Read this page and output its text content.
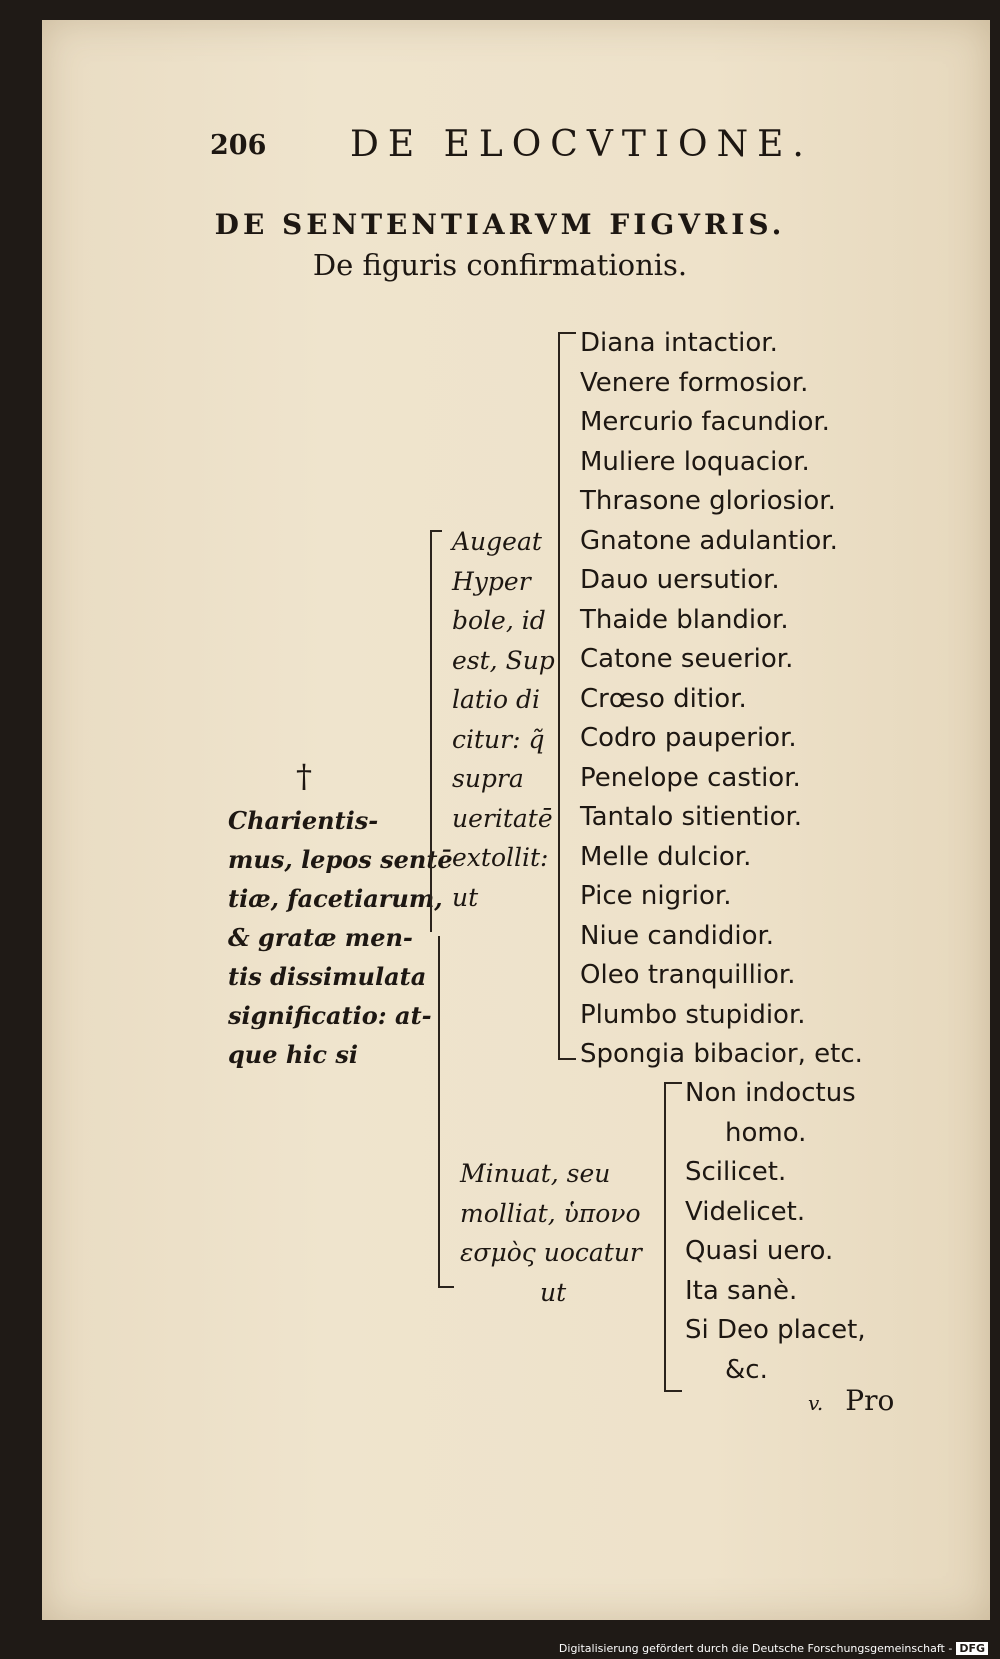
206 DE ELOCVTIONE.
DE SENTENTIARVM FIGVRIS.
De figuris confirmationis.
†
Charientis-
mus, lepos sentē
tiæ, facetiarum,
& gratæ men-
tis dissimulata
significatio: at-
que hic si
Augeat
Hyper
bole, id
est, Sup
latio di
citur: q̃
supra
ueritatē
extollit:
ut
Diana intactior.
Venere formosior.
Mercurio facundior.
Muliere loquacior.
Thrasone gloriosior.
Gnatone adulantior.
Dauo uersutior.
Thaide blandior.
Catone seuerior.
Crœso ditior.
Codro pauperior.
Penelope castior.
Tantalo sitientior.
Melle dulcior.
Pice nigrior.
Niue candidior.
Oleo tranquillior.
Plumbo stupidior.
Spongia bibacior, etc.
Minuat, seu
molliat, ὑπονο
εσμὸς uocatur
ut
Non indoctus
homo.
Scilicet.
Videlicet.
Quasi uero.
Ita sanè.
Si Deo placet,
&c.
v. Pro
Digitalisierung gefördert durch die Deutsche Forschungsgemeinschaft - DFG
